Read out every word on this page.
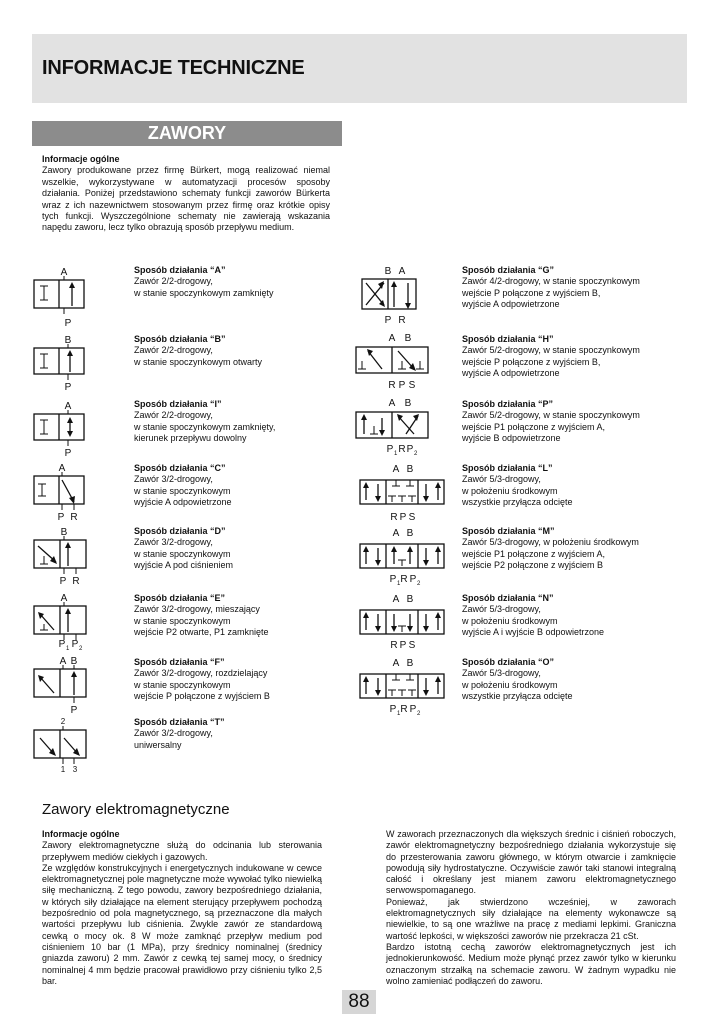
INFORMACJE TECHNICZNE
ZAWORY
Informacje ogólne
Zawory produkowane przez firmę Bürkert, mogą realizować niemal wszelkie, wykorzystywane w automatyzacji procesów sposoby działania. Poniżej przedstawiono schematy funkcji zaworów Bürkerta wraz z ich nazewnictwem stosowanym przez firmę oraz krótkie opisy tych funkcji. Wyszczególnione schematy nie zawierają wskazania napędu zaworu, lecz tylko obrazują sposób przepływu medium.
Sposób działania “A”
Zawór 2/2-drogowy,
w stanie spoczynkowym zamknięty
Sposób działania “B”
Zawór 2/2-drogowy,
w stanie spoczynkowym otwarty
Sposób działania “I”
Zawór 2/2-drogowy,
w stanie spoczynkowym zamknięty,
kierunek przepływu dowolny
Sposób działania “C”
Zawór 3/2-drogowy,
w stanie spoczynkowym
wyjście A odpowietrzone
Sposób działania “D”
Zawór 3/2-drogowy,
w stanie spoczynkowym
wyjście A pod ciśnieniem
Sposób działania “E”
Zawór 3/2-drogowy, mieszający
w stanie spoczynkowym
wejście P2 otwarte, P1 zamknięte
Sposób działania “F”
Zawór 3/2-drogowy, rozdzielający
w stanie spoczynkowym
wejście P połączone z wyjściem B
Sposób działania “T”
Zawór 3/2-drogowy,
uniwersalny
Sposób działania “G”
Zawór 4/2-drogowy, w stanie spoczynkowym
wejście P połączone z wyjściem B,
wyjście A odpowietrzone
Sposób działania “H”
Zawór 5/2-drogowy, w stanie spoczynkowym
wejście P połączone z wyjściem B,
wyjście A odpowietrzone
Sposób działania “P”
Zawór 5/2-drogowy, w stanie spoczynkowym
wejście P1 połączone z wyjściem A,
wyjście B odpowietrzone
Sposób działania “L”
Zawór 5/3-drogowy,
w położeniu środkowym
wszystkie przyłącza odcięte
Sposób działania “M”
Zawór 5/3-drogowy, w położeniu środkowym
wejście P1 połączone z wyjściem A,
wejście P2 połączone z wyjściem B
Sposób działania “N”
Zawór 5/3-drogowy,
w położeniu środkowym
wyjście A i wyjście B odpowietrzone
Sposób działania “O”
Zawór 5/3-drogowy,
w położeniu środkowym
wszystkie przyłącza odcięte
A
P
B
P
A
P
A
P R
B
P R
A
P 1 P 2
A B
P
2
1 3
B A
P R
A B
R P S
A B
P 1 R P 2
A B
R P S
A B
P 1 R P 2
A B
R P S
A B
P 1 R P 2
Zawory elektromagnetyczne
Informacje ogólne

Zawory elektromagnetyczne służą do odcinania lub sterowania przepływem mediów ciekłych i gazowych.

Ze względów konstrukcyjnych i energetycznych indukowane w cewce elektromagnetycznej pole magnetyczne może wywołać tylko niewielką siłę mechaniczną. Z tego powodu, zawory bezpośredniego działania, w których siły działające na element sterujący przepływem pochodzą bezpośrednio od pola magnetycznego, są przeznaczone dla małych wartości przepływu lub ciśnienia. Zwykle zawór ze standardową cewką o mocy ok. 8 W może zamknąć przepływ medium pod ciśnieniem 10 bar (1 MPa), przy średnicy nominalnej (średnicy gniazda zaworu) 2 mm. Zawór z cewką tej samej mocy, o średnicy nominalnej 4 mm będzie pracował prawidłowo przy ciśnieniu tylko 2,5 bar.

W zaworach przeznaczonych dla większych średnic i ciśnień roboczych, zawór elektromagnetyczny bezpośredniego działania wykorzystuje się do przesterowania zaworu głównego, w którym otwarcie i zamknięcie powodują siły hydrostatyczne. Oczywiście zawór taki stanowi integralną całość i określany jest mianem zaworu elektromagnetycznego serwowspomaganego.

Ponieważ, jak stwierdzono wcześniej, w zaworach elektromagnetycznych siły działające na elementy wykonawcze są niewielkie, to są one wrażliwe na pracę z mediami lepkimi. Graniczna wartość lepkości, w większości zaworów nie przekracza 21 cSt.

Bardzo istotną cechą zaworów elektromagnetycznych jest ich jednokierunkowość. Medium może płynąć przez zawór tylko w kierunku oznaczonym strzałką na schemacie zaworu. W żadnym wypadku nie wolno zamieniać podłączeń do zaworu.

88
